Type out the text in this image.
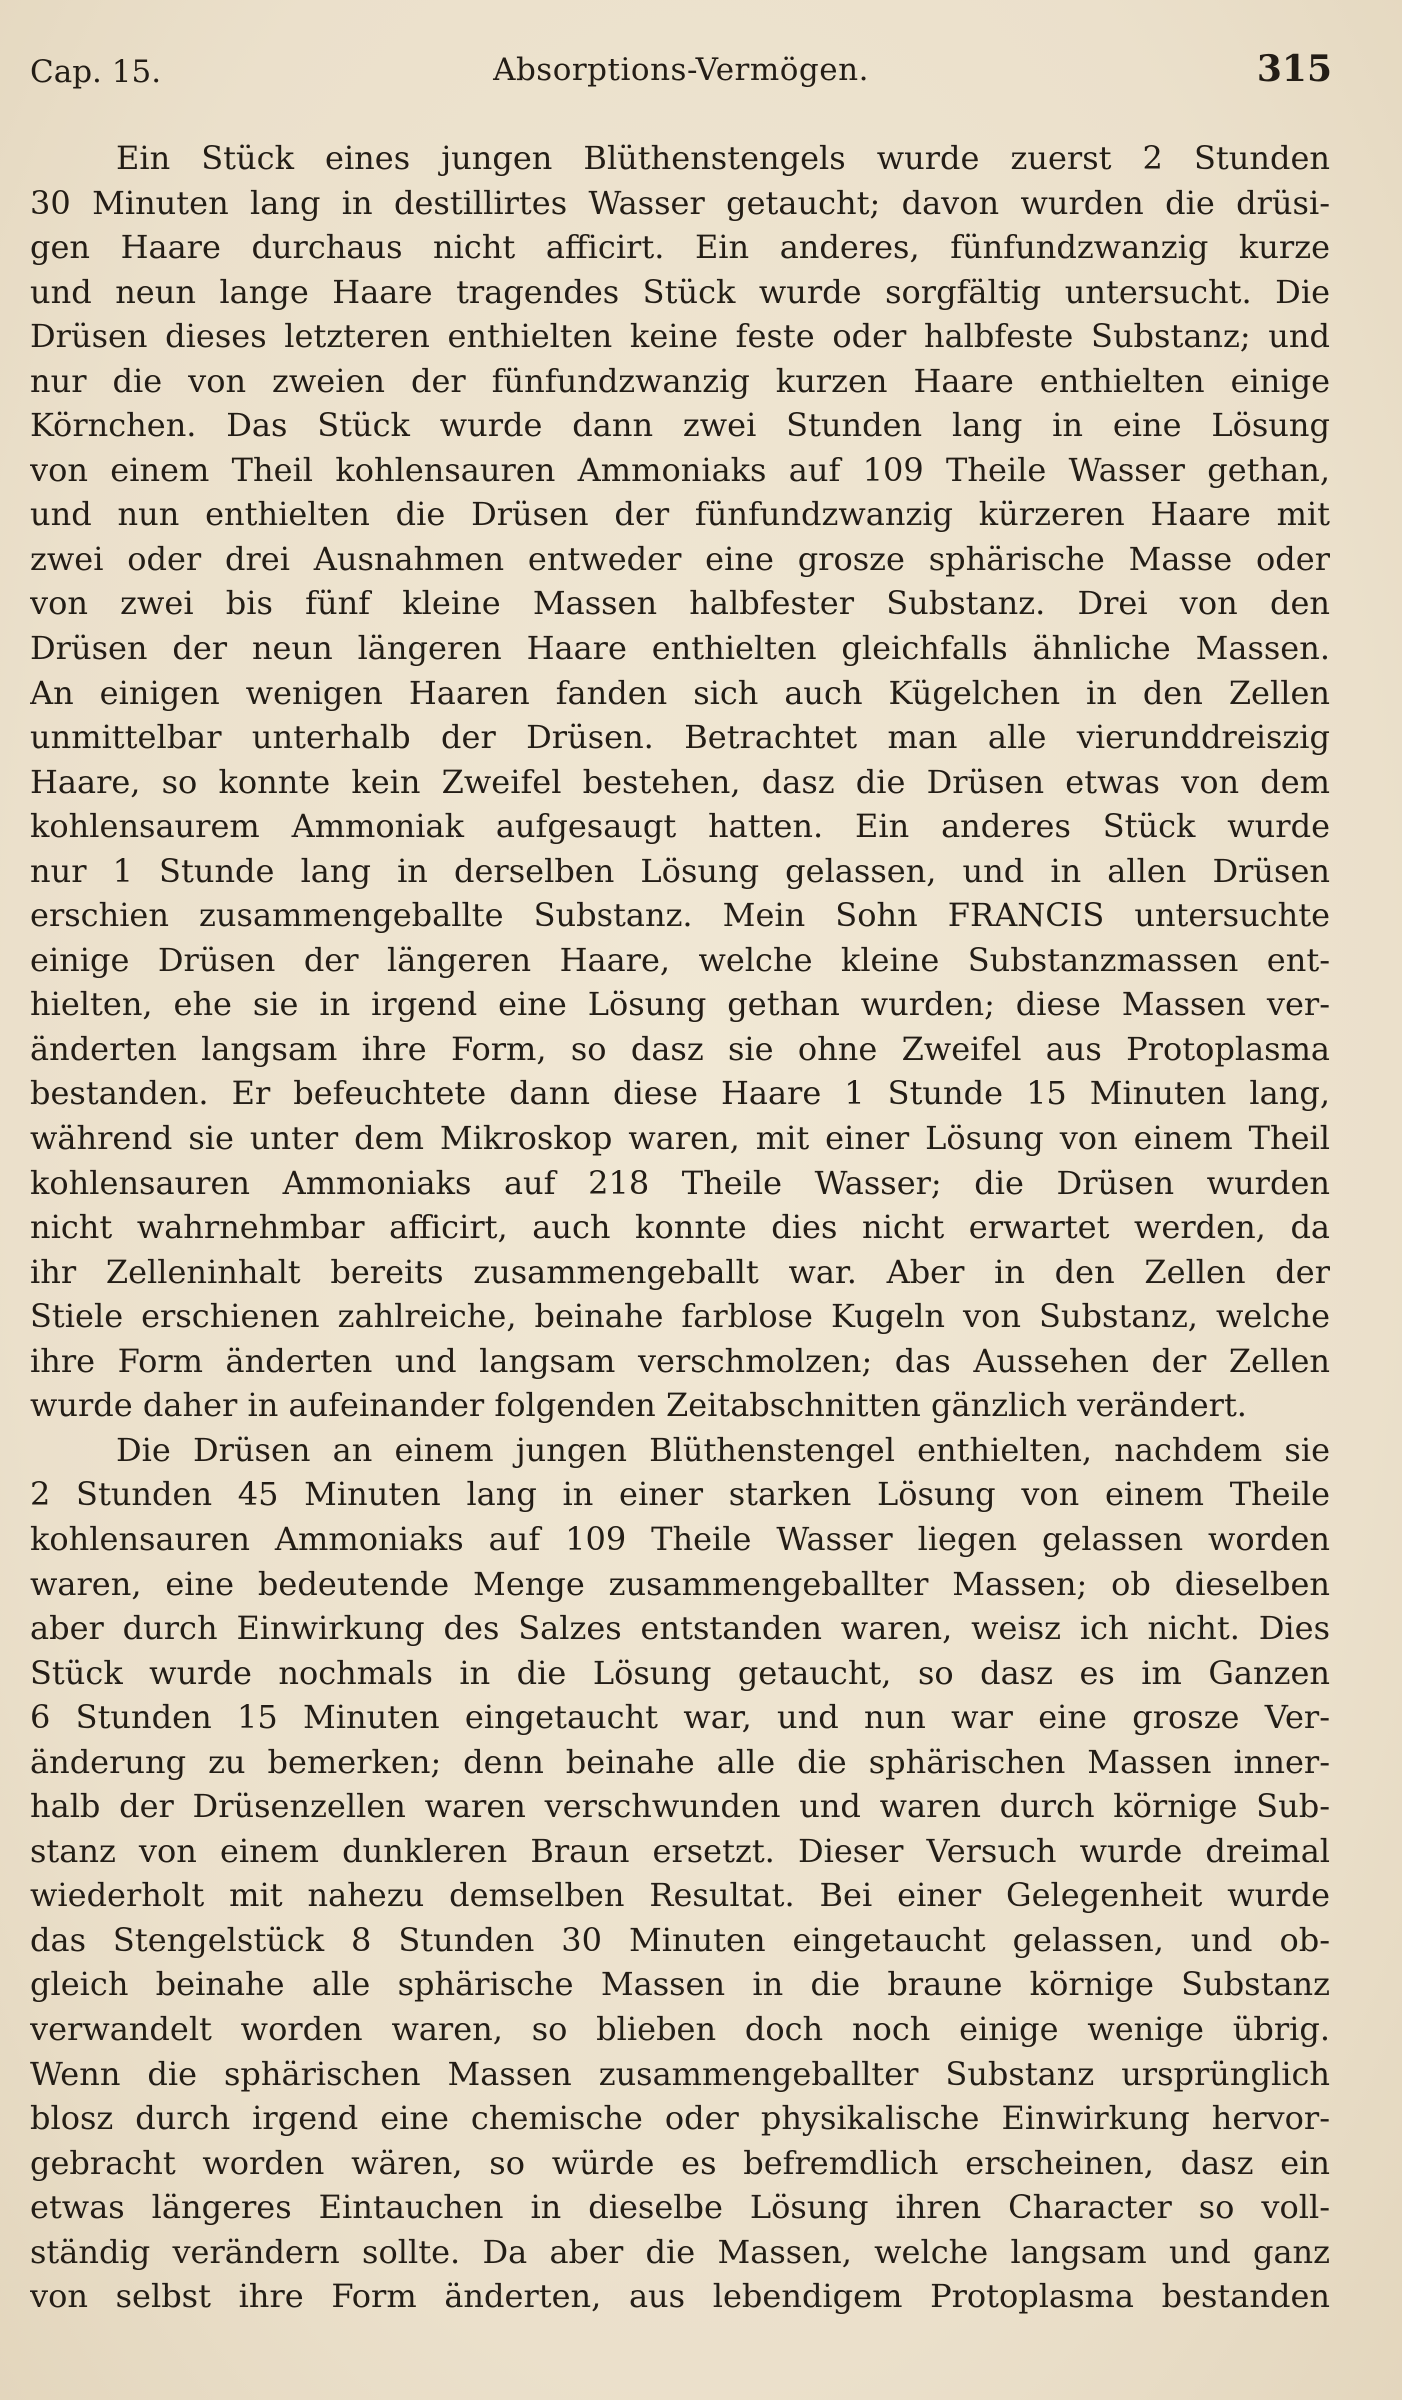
Cap. 15.	Absorptions-Vermögen.	315
Ein Stück eines jungen Blüthenstengels wurde zuerst 2 Stunden
30 Minuten lang in destillirtes Wasser getaucht; davon wurden die drüsi-
gen Haare durchaus nicht afficirt. Ein anderes, fünfundzwanzig kurze
und neun lange Haare tragendes Stück wurde sorgfältig untersucht. Die
Drüsen dieses letzteren enthielten keine feste oder halbfeste Substanz; und
nur die von zweien der fünfundzwanzig kurzen Haare enthielten einige
Körnchen. Das Stück wurde dann zwei Stunden lang in eine Lösung
von einem Theil kohlensauren Ammoniaks auf 109 Theile Wasser gethan,
und nun enthielten die Drüsen der fünfundzwanzig kürzeren Haare mit
zwei oder drei Ausnahmen entweder eine grosze sphärische Masse oder
von zwei bis fünf kleine Massen halbfester Substanz. Drei von den
Drüsen der neun längeren Haare enthielten gleichfalls ähnliche Massen.
An einigen wenigen Haaren fanden sich auch Kügelchen in den Zellen
unmittelbar unterhalb der Drüsen. Betrachtet man alle vierunddreiszig
Haare, so konnte kein Zweifel bestehen, dasz die Drüsen etwas von dem
kohlensaurem Ammoniak aufgesaugt hatten. Ein anderes Stück wurde
nur 1 Stunde lang in derselben Lösung gelassen, und in allen Drüsen
erschien zusammengeballte Substanz. Mein Sohn FRANCIS untersuchte
einige Drüsen der längeren Haare, welche kleine Substanzmassen ent-
hielten, ehe sie in irgend eine Lösung gethan wurden; diese Massen ver-
änderten langsam ihre Form, so dasz sie ohne Zweifel aus Protoplasma
bestanden. Er befeuchtete dann diese Haare 1 Stunde 15 Minuten lang,
während sie unter dem Mikroskop waren, mit einer Lösung von einem Theil
kohlensauren Ammoniaks auf 218 Theile Wasser; die Drüsen wurden
nicht wahrnehmbar afficirt, auch konnte dies nicht erwartet werden, da
ihr Zelleninhalt bereits zusammengeballt war. Aber in den Zellen der
Stiele erschienen zahlreiche, beinahe farblose Kugeln von Substanz, welche
ihre Form änderten und langsam verschmolzen; das Aussehen der Zellen
wurde daher in aufeinander folgenden Zeitabschnitten gänzlich verändert.
Die Drüsen an einem jungen Blüthenstengel enthielten, nachdem sie
2 Stunden 45 Minuten lang in einer starken Lösung von einem Theile
kohlensauren Ammoniaks auf 109 Theile Wasser liegen gelassen worden
waren, eine bedeutende Menge zusammengeballter Massen; ob dieselben
aber durch Einwirkung des Salzes entstanden waren, weisz ich nicht. Dies
Stück wurde nochmals in die Lösung getaucht, so dasz es im Ganzen
6 Stunden 15 Minuten eingetaucht war, und nun war eine grosze Ver-
änderung zu bemerken; denn beinahe alle die sphärischen Massen inner-
halb der Drüsenzellen waren verschwunden und waren durch körnige Sub-
stanz von einem dunkleren Braun ersetzt. Dieser Versuch wurde dreimal
wiederholt mit nahezu demselben Resultat. Bei einer Gelegenheit wurde
das Stengelstück 8 Stunden 30 Minuten eingetaucht gelassen, und ob-
gleich beinahe alle sphärische Massen in die braune körnige Substanz
verwandelt worden waren, so blieben doch noch einige wenige übrig.
Wenn die sphärischen Massen zusammengeballter Substanz ursprünglich
blosz durch irgend eine chemische oder physikalische Einwirkung hervor-
gebracht worden wären, so würde es befremdlich erscheinen, dasz ein
etwas längeres Eintauchen in dieselbe Lösung ihren Character so voll-
ständig verändern sollte. Da aber die Massen, welche langsam und ganz
von selbst ihre Form änderten, aus lebendigem Protoplasma bestanden
